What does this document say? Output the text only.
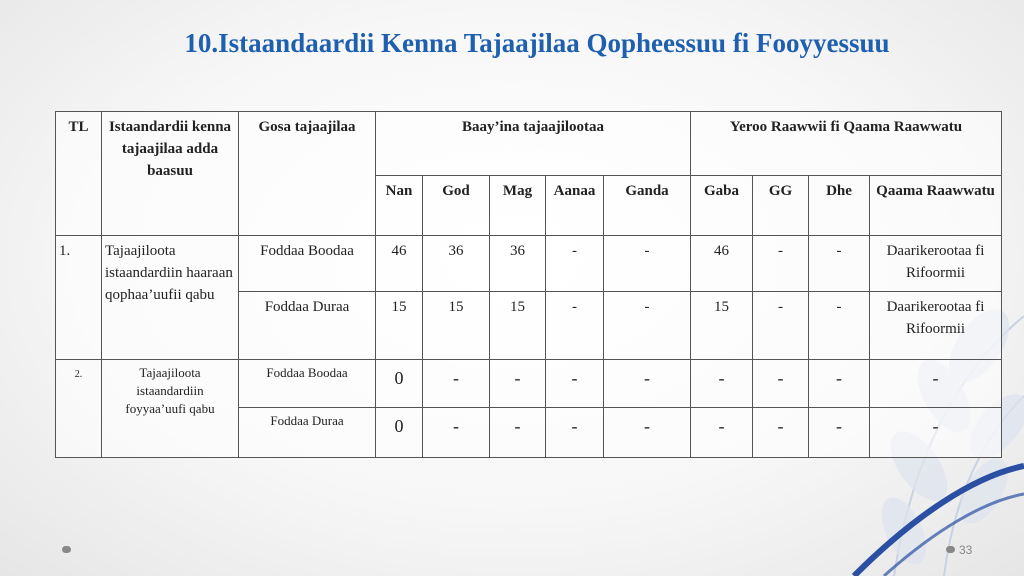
10.Istaandaardii Kenna Tajaajilaa Qopheessuu fi Fooyyessuu
TL	Istaandardii kenna tajaajilaa adda baasuu	Gosa tajaajilaa	Baay’ina tajaajilootaa					Yeroo Raawwii fi Qaama Raawwatu			
			Nan	God	Mag	Aanaa	Ganda	Gaba	GG	Dhe	Qaama Raawwatu
1.	Tajaajiloota istaandardiin haaraan qophaa’uufii qabu	Foddaa Boodaa	46	36	36	-	-	46	-	-	Daarikerootaa fi Rifoormii
		Foddaa Duraa	15	15	15	-	-	15	-	-	Daarikerootaa fi Rifoormii
2.	Tajaajiloota istaandardiin foyyaa’uufi qabu	Foddaa Boodaa	0	-	-	-	-	-	-	-	-
		Foddaa Duraa	0	-	-	-	-	-	-	-	-
33
